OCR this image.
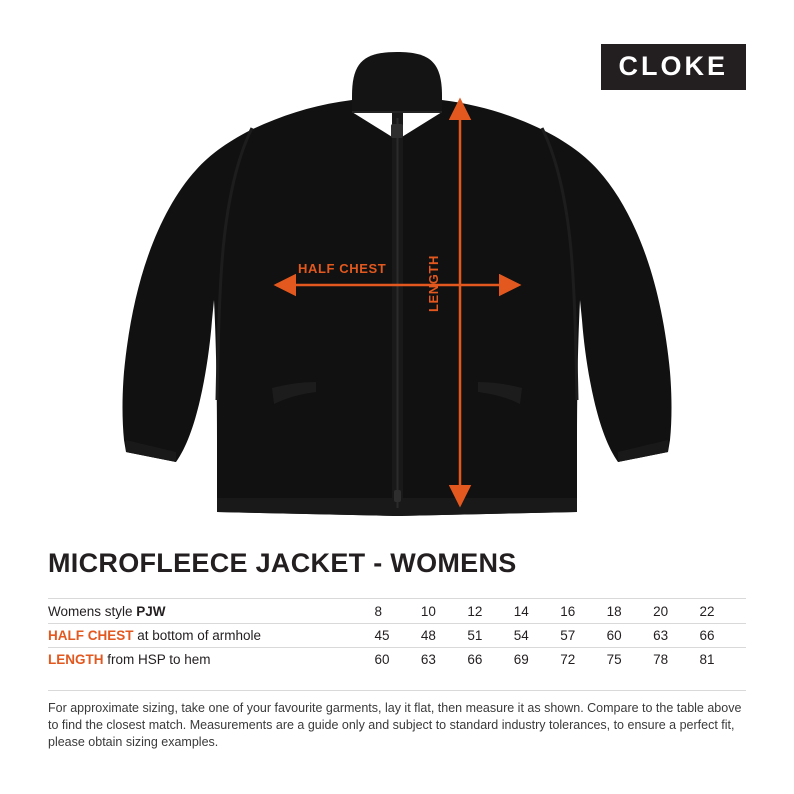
CLOKE
HALF CHEST	LENGTH
MICROFLEECE JACKET - WOMENS
Womens style PJW	8	10	12	14	16	18	20	22
HALF CHEST at bottom of armhole	45	48	51	54	57	60	63	66
LENGTH from HSP to hem	60	63	66	69	72	75	78	81
For approximate sizing, take one of your favourite garments, lay it flat, then measure it as shown. Compare to the table above to find the closest match. Measurements are a guide only and subject to standard industry tolerances, to ensure a perfect fit, please obtain sizing examples.
